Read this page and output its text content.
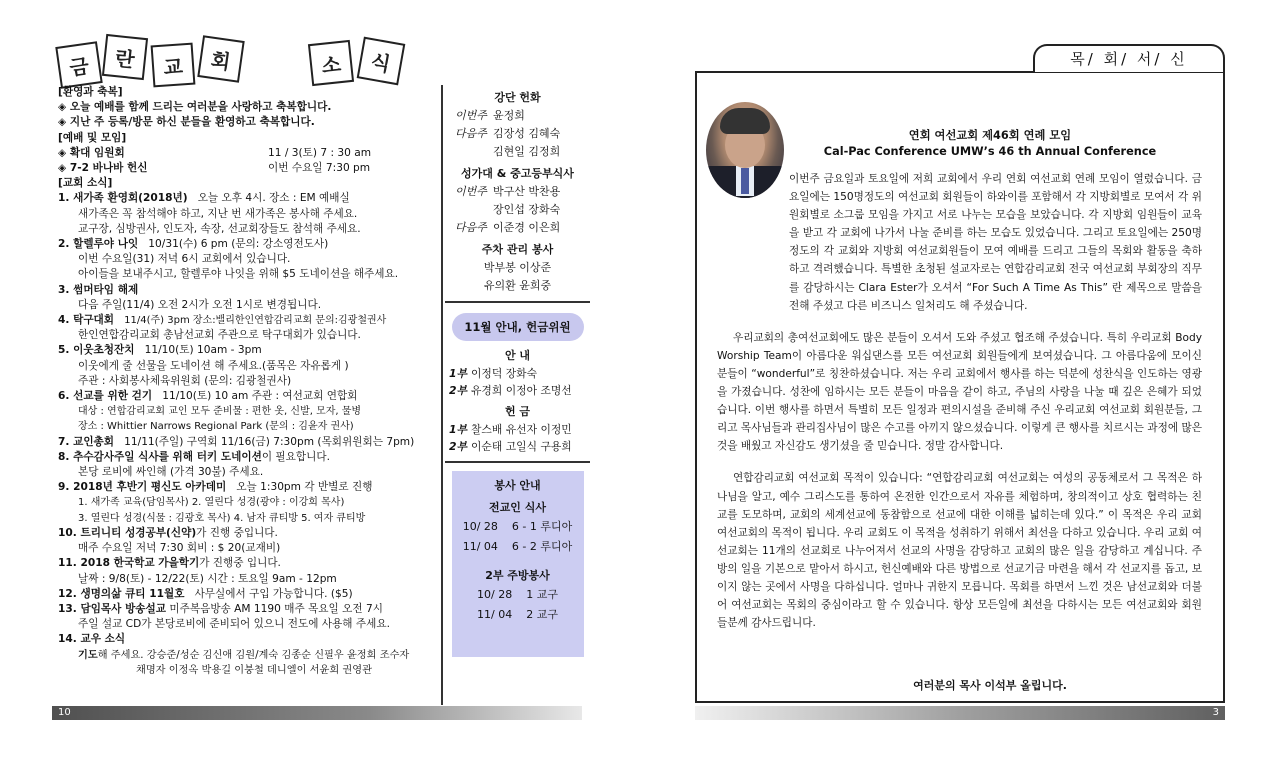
금 란 교 회	소 식
[환영과 축복]
◈ 오늘 예배를 함께 드리는 여러분을 사랑하고 축복합니다.
◈ 지난 주 등록/방문 하신 분들을 환영하고 축복합니다.
[예배 및 모임]
◈ 확대 임원회	11 / 3(토) 7 : 30 am
◈ 7-2 바나바 헌신	이번 수요일 7:30 pm
[교회 소식]
1. 새가족 환영회(2018년) 오늘 오후 4시. 장소 : EM 예배실
새가족은 꼭 참석해야 하고, 지난 번 새가족은 봉사해 주세요.
교구장, 심방권사, 인도자, 속장, 선교회장들도 참석해 주세요.
2. 할렐루야 나잇 10/31(수) 6 pm (문의: 강소영전도사)
이번 수요일(31) 저녁 6시 교회에서 있습니다.
아이들을 보내주시고, 할렐루야 나잇을 위해 $5 도네이션을 해주세요.
3. 썸머타임 해제
다음 주일(11/4) 오전 2시가 오전 1시로 변경됩니다.
4. 탁구대회 11/4(주) 3pm 장소:밸리한인연합감리교회 문의:김광철권사
한인연합감리교회 총남선교회 주관으로 탁구대회가 있습니다.
5. 이웃초청잔치 11/10(토) 10am - 3pm
이웃에게 줄 선물을 도네이션 해 주세요.(품목은 자유롭게 )
주관 : 사회봉사체육위원회 (문의: 김광철권사)
6. 선교를 위한 걷기 11/10(토) 10 am 주관 : 여선교회 연합회
대상 : 연합감리교회 교인 모두 준비물 : 편한 옷, 신발, 모자, 물병
장소 : Whittier Narrows Regional Park (문의 : 김윤자 권사)
7. 교인총회 11/11(주일) 구역회 11/16(금) 7:30pm (목회위원회는 7pm)
8. 추수감사주일 식사를 위해 터키 도네이션이 필요합니다.
본당 로비에 싸인해 (가격 30불) 주세요.
9. 2018년 후반기 평신도 아카데미 오늘 1:30pm 각 반별로 진행
1. 새가족 교육(담임목사) 2. 열린다 성경(광야 : 이강희 목사)
3. 열린다 성경(식물 : 김광호 목사) 4. 남자 큐티방 5. 여자 큐티방
10. 트리니티 성경공부(신약)가 진행 중입니다.
매주 수요일 저녁 7:30 회비 : $ 20(교재비)
11. 2018 한국학교 가을학기가 진행중 입니다.
날짜 : 9/8(토) - 12/22(토) 시간 : 토요일 9am - 12pm
12. 생명의삶 큐티 11월호 사무실에서 구입 가능합니다. ($5)
13. 담임목사 방송설교 미주복음방송 AM 1190 매주 목요일 오전 7시
주일 설교 CD가 본당로비에 준비되어 있으니 전도에 사용해 주세요.
14. 교우 소식
기도해 주세요. 강승준/성순 김신애 김원/계숙 김종순 신필우 윤정희 조수자
채명자 이정옥 박용길 이붕철 데니엘이 서윤희 권영관
강단 헌화
이번주 윤정희
다음주 김장성 김혜숙
김현일 김정희
성가대 & 중고등부식사
이번주 박구산 박찬용
장인섭 장화숙
다음주 이준경 이은희
주차 관리 봉사
박부봉 이상준
유의환 윤희중
11월 안내, 헌금위원
안 내
1부 이정덕 장화숙
2부 유경희 이정아 조명선
헌 금
1부 찰스배 유선자 이정민
2부 이순태 고일식 구용희
봉사 안내
전교인 식사
10/ 28 6 - 1 루디아
11/ 04 6 - 2 루디아
2부 주방봉사
10/ 28 1 교구
11/ 04 2 교구
10
목/ 회/ 서/ 신
연회 여선교회 제46회 연례 모임
Cal-Pac Conference UMW’s 46 th Annual Conference

이번주 금요일과 토요일에 저희 교회에서 우리 연회 여선교회 연례 모임이 열렸습니다. 금요일에는 150명정도의 여선교회 회원들이 하와이를 포함해서 각 지방회별로 모여서 각 위원회별로 소그룹 모임을 가지고 서로 나누는 모습을 보았습니다. 각 지방회 임원들이 교육을 받고 각 교회에 나가서 나눌 준비를 하는 모습도 있었습니다. 그리고 토요일에는 250명정도의 각 교회와 지방회 여선교회원들이 모여 예배를 드리고 그들의 목회와 활동을 축하하고 격려했습니다. 특별한 초청된 설교자로는 연합감리교회 전국 여선교회 부회장의 직무를 감당하시는 Clara Ester가 오셔서 “For Such A Time As This” 란 제목으로 말씀을 전해 주셨고 다른 비즈니스 일처리도 해 주셨습니다.

우리교회의 총여선교회에도 많은 분들이 오셔서 도와 주셨고 협조해 주셨습니다. 특히 우리교회 Body Worship Team이 아름다운 워십댄스를 모든 여선교회 회원들에게 보여셨습니다. 그 아름다움에 모이신 분들이 “wonderful”로 칭찬하셨습니다. 저는 우리 교회에서 행사를 하는 덕분에 성찬식을 인도하는 영광을 가졌습니다. 성찬에 임하시는 모든 분들이 마음을 같이 하고, 주님의 사랑을 나눌 때 깊은 은혜가 되었습니다. 이번 행사를 하면서 특별히 모든 일정과 편의시설을 준비해 주신 우리교회 여선교회 회원분들, 그리고 목사님들과 관리집사님이 많은 수고를 아끼지 않으셨습니다. 이렇게 큰 행사를 치르시는 과정에 많은 것을 배웠고 자신감도 생기셨을 줄 믿습니다. 정말 감사합니다.

연합감리교회 여선교회 목적이 있습니다: “연합감리교회 여선교회는 여성의 공동체로서 그 목적은 하나님을 알고, 예수 그리스도를 통하여 온전한 인간으로서 자유를 체험하며, 창의적이고 상호 협력하는 친교를 도모하며, 교회의 세계선교에 동참함으로 선교에 대한 이해를 넓히는데 있다.” 이 목적은 우리 교회 여선교회의 목적이 됩니다. 우리 교회도 이 목적을 성취하기 위해서 최선을 다하고 있습니다. 우리 교회 여선교회는 11개의 선교회로 나누어져서 선교의 사명을 감당하고 교회의 많은 일을 감당하고 계십니다. 주방의 일을 기본으로 맡아서 하시고, 헌신예배와 다른 방법으로 선교기금 마련을 해서 각 선교지를 돕고, 보이지 않는 곳에서 사명을 다하십니다. 얼마나 귀한지 모릅니다. 목회를 하면서 느낀 것은 남선교회와 더불어 여선교회는 목회의 중심이라고 할 수 있습니다. 항상 모든일에 최선을 다하시는 모든 여선교회와 회원들분께 감사드립니다.

여러분의 목사 이석부 올립니다.
3
